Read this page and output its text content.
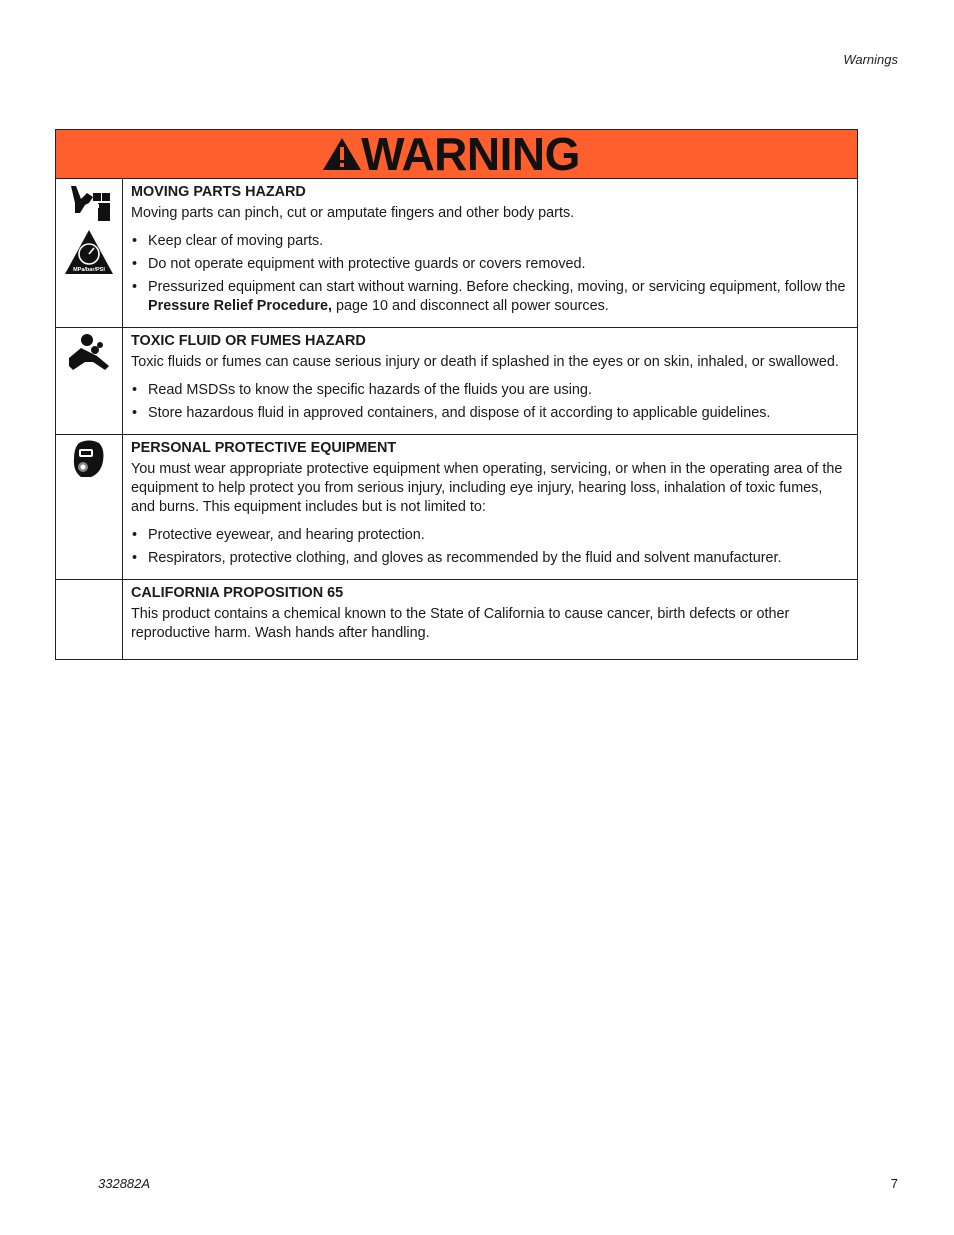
Warnings
WARNING
MPa/bar/PSI

MOVING PARTS HAZARD

Moving parts can pinch, cut or amputate fingers and other body parts.

• Keep clear of moving parts.
• Do not operate equipment with protective guards or covers removed.
• Pressurized equipment can start without warning. Before checking, moving, or servicing equipment, follow the Pressure Relief Procedure, page 10 and disconnect all power sources.

TOXIC FLUID OR FUMES HAZARD

Toxic fluids or fumes can cause serious injury or death if splashed in the eyes or on skin, inhaled, or swallowed.

• Read MSDSs to know the specific hazards of the fluids you are using.
• Store hazardous fluid in approved containers, and dispose of it according to applicable guidelines.

PERSONAL PROTECTIVE EQUIPMENT

You must wear appropriate protective equipment when operating, servicing, or when in the operating area of the equipment to help protect you from serious injury, including eye injury, hearing loss, inhalation of toxic fumes, and burns. This equipment includes but is not limited to:

• Protective eyewear, and hearing protection.
• Respirators, protective clothing, and gloves as recommended by the fluid and solvent manufacturer.

CALIFORNIA PROPOSITION 65

This product contains a chemical known to the State of California to cause cancer, birth defects or other reproductive harm. Wash hands after handling.

332882A	7
